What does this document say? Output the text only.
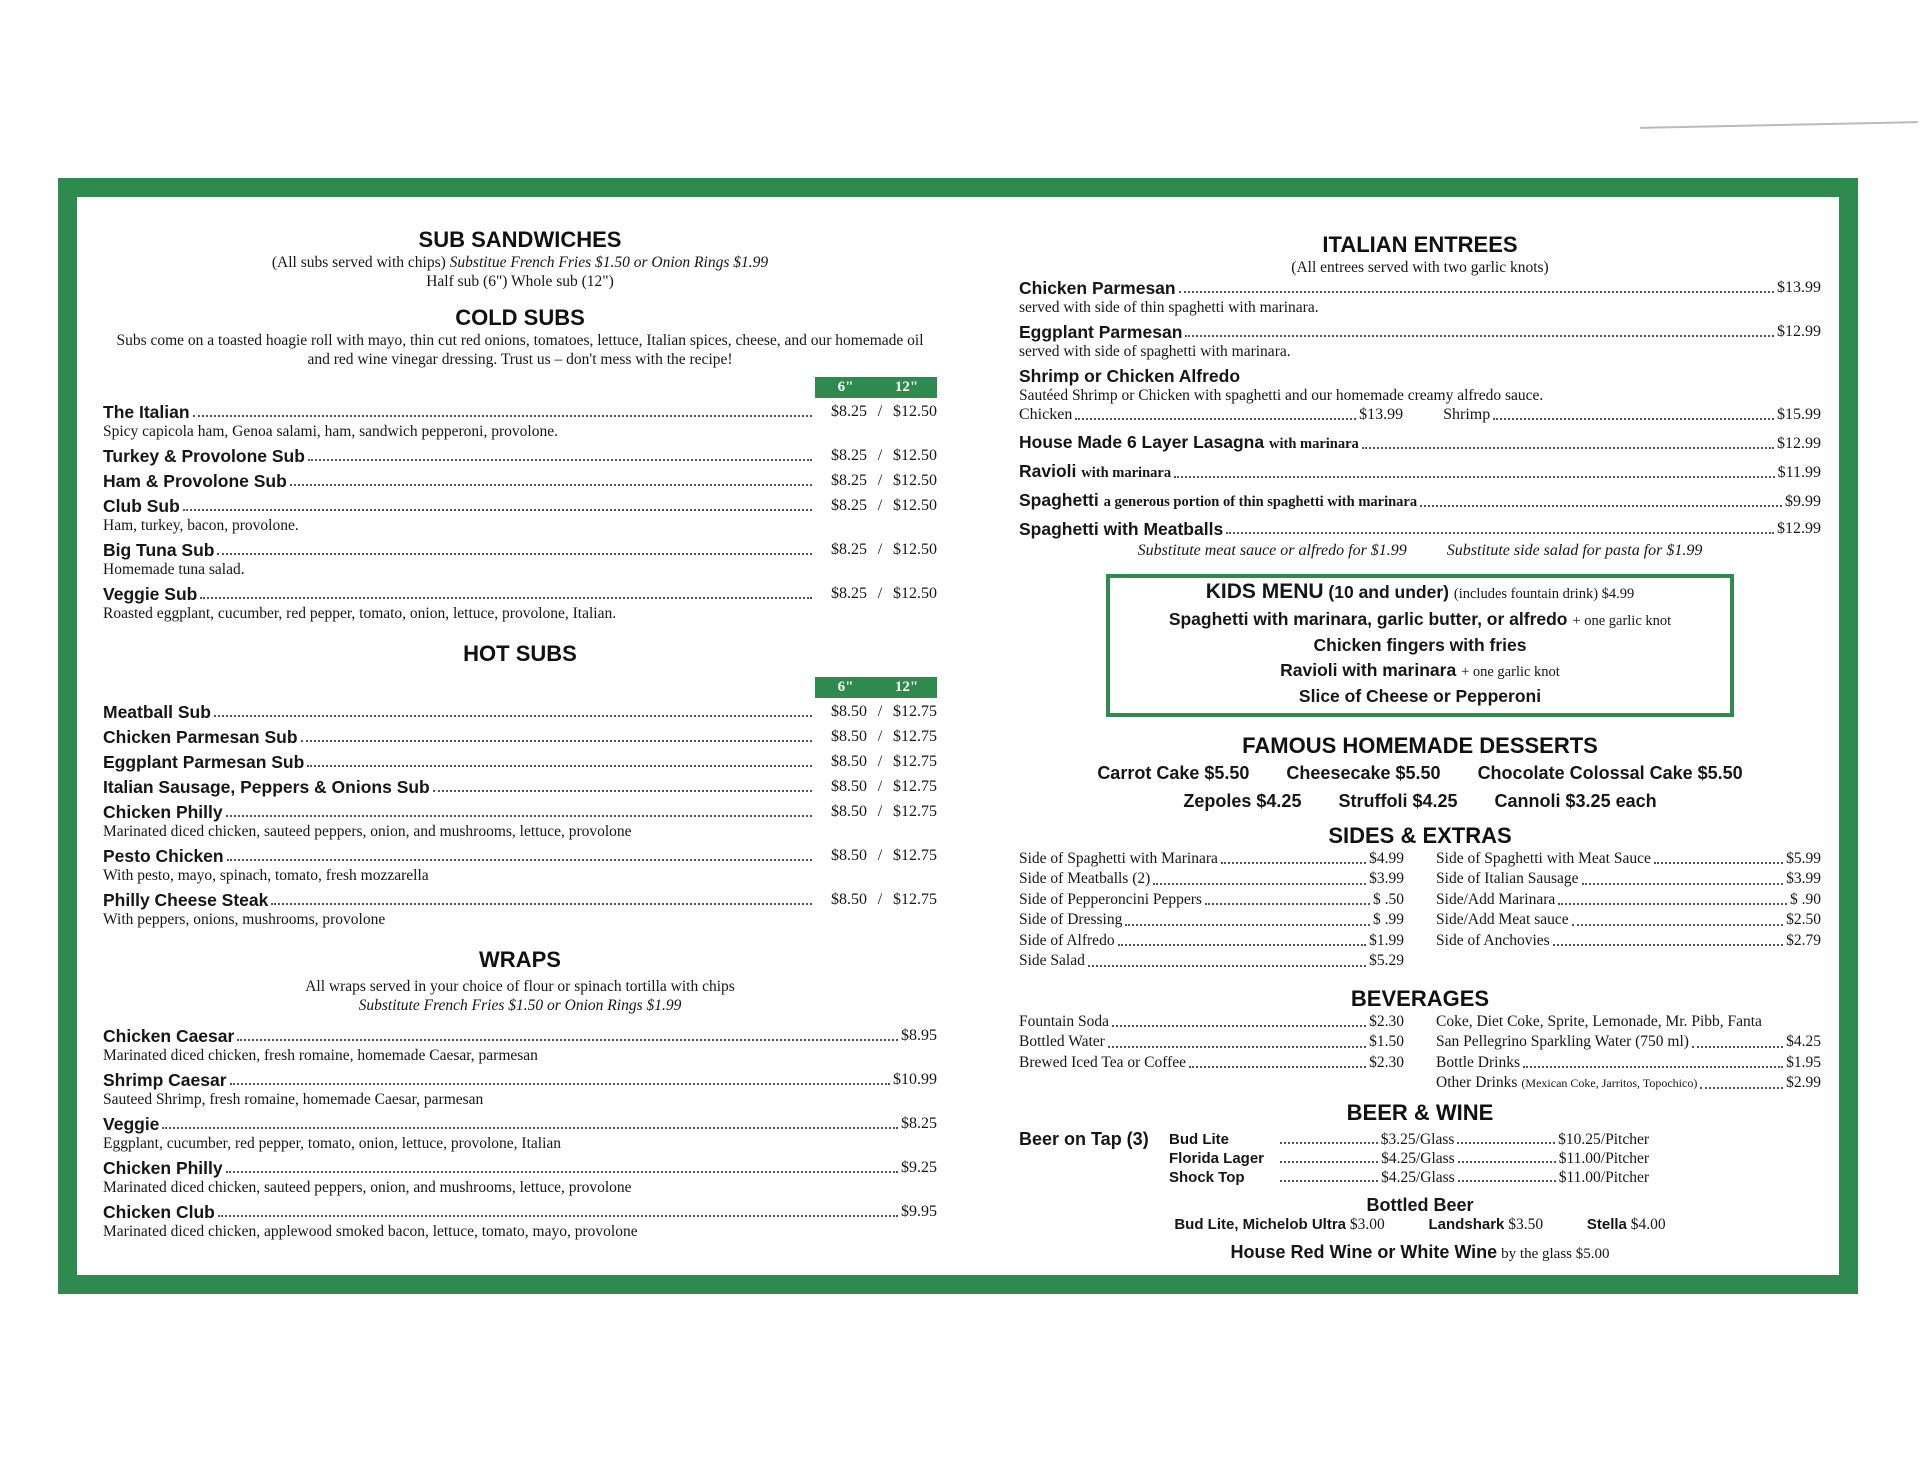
SUB SANDWICHES
(All subs served with chips) Substitue French Fries $1.50 or Onion Rings $1.99
Half sub (6") Whole sub (12")
COLD SUBS
Subs come on a toasted hoagie roll with mayo, thin cut red onions, tomatoes, lettuce, Italian spices, cheese, and our homemade oil and red wine vinegar dressing. Trust us – don't mess with the recipe!
6"	12"
The Italian	$8.25 / $12.50
Spicy capicola ham, Genoa salami, ham, sandwich pepperoni, provolone.
Turkey & Provolone Sub	$8.25 / $12.50
Ham & Provolone Sub	$8.25 / $12.50
Club Sub	$8.25 / $12.50
Ham, turkey, bacon, provolone.
Big Tuna Sub	$8.25 / $12.50
Homemade tuna salad.
Veggie Sub	$8.25 / $12.50
Roasted eggplant, cucumber, red pepper, tomato, onion, lettuce, provolone, Italian.
HOT SUBS
6"	12"
Meatball Sub	$8.50 / $12.75
Chicken Parmesan Sub	$8.50 / $12.75
Eggplant Parmesan Sub	$8.50 / $12.75
Italian Sausage, Peppers & Onions Sub	$8.50 / $12.75
Chicken Philly	$8.50 / $12.75
Marinated diced chicken, sauteed peppers, onion, and mushrooms, lettuce, provolone
Pesto Chicken	$8.50 / $12.75
With pesto, mayo, spinach, tomato, fresh mozzarella
Philly Cheese Steak	$8.50 / $12.75
With peppers, onions, mushrooms, provolone
WRAPS
All wraps served in your choice of flour or spinach tortilla with chips
Substitute French Fries $1.50 or Onion Rings $1.99
Chicken Caesar	$8.95
Marinated diced chicken, fresh romaine, homemade Caesar, parmesan
Shrimp Caesar	$10.99
Sauteed Shrimp, fresh romaine, homemade Caesar, parmesan
Veggie	$8.25
Eggplant, cucumber, red pepper, tomato, onion, lettuce, provolone, Italian
Chicken Philly	$9.25
Marinated diced chicken, sauteed peppers, onion, and mushrooms, lettuce, provolone
Chicken Club	$9.95
Marinated diced chicken, applewood smoked bacon, lettuce, tomato, mayo, provolone
ITALIAN ENTREES
(All entrees served with two garlic knots)
Chicken Parmesan	$13.99
served with side of thin spaghetti with marinara.
Eggplant Parmesan	$12.99
served with side of spaghetti with marinara.
Shrimp or Chicken Alfredo
Sautéed Shrimp or Chicken with spaghetti and our homemade creamy alfredo sauce.
Chicken	$13.99	Shrimp	$15.99
House Made 6 Layer Lasagna with marinara	$12.99
Ravioli with marinara	$11.99
Spaghetti a generous portion of thin spaghetti with marinara	$9.99
Spaghetti with Meatballs	$12.99
Substitute meat sauce or alfredo for $1.99	Substitute side salad for pasta for $1.99
KIDS MENU (10 and under) (includes fountain drink) $4.99
Spaghetti with marinara, garlic butter, or alfredo + one garlic knot
Chicken fingers with fries
Ravioli with marinara + one garlic knot
Slice of Cheese or Pepperoni
FAMOUS HOMEMADE DESSERTS
Carrot Cake $5.50 Cheesecake $5.50 Chocolate Colossal Cake $5.50
Zepoles $4.25 Struffoli $4.25 Cannoli $3.25 each
SIDES & EXTRAS
Side of Spaghetti with Marinara	$4.99
Side of Meatballs (2)	$3.99
Side of Pepperoncini Peppers	$ .50
Side of Dressing	$ .99
Side of Alfredo	$1.99
Side Salad	$5.29
Side of Spaghetti with Meat Sauce	$5.99
Side of Italian Sausage	$3.99
Side/Add Marinara	$ .90
Side/Add Meat sauce	$2.50
Side of Anchovies	$2.79
BEVERAGES
Fountain Soda	$2.30
Bottled Water	$1.50
Brewed Iced Tea or Coffee	$2.30
Coke, Diet Coke, Sprite, Lemonade, Mr. Pibb, Fanta
San Pellegrino Sparkling Water (750 ml)	$4.25
Bottle Drinks	$1.95
Other Drinks (Mexican Coke, Jarritos, Topochico)	$2.99
BEER & WINE
Beer on Tap (3)	Bud Lite	$3.25/Glass	$10.25/Pitcher
Florida Lager	$4.25/Glass	$11.00/Pitcher
Shock Top	$4.25/Glass	$11.00/Pitcher
Bottled Beer
Bud Lite, Michelob Ultra $3.00	Landshark $3.50	Stella $4.00
House Red Wine or White Wine by the glass $5.00
